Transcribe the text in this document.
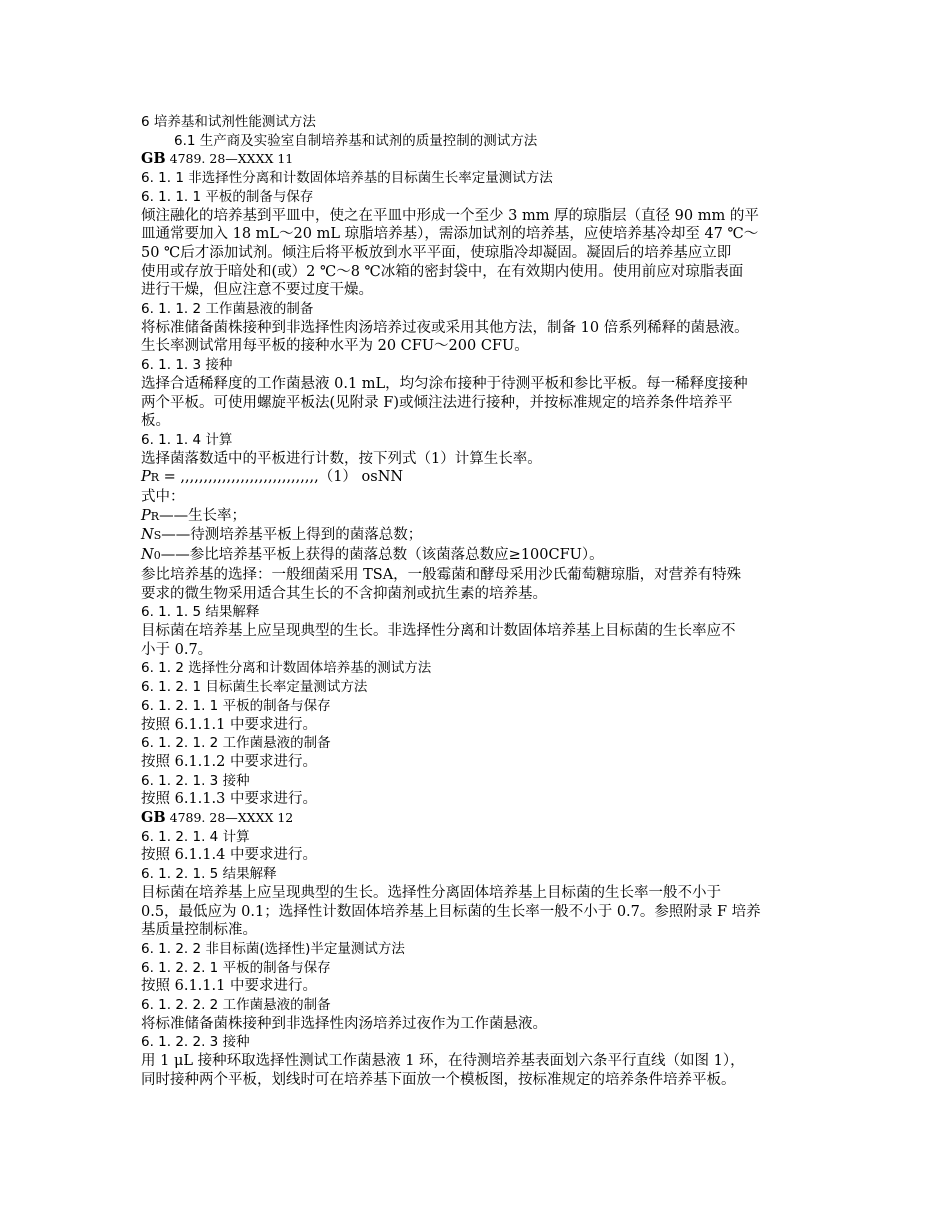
6 培养基和试剂性能测试方法
6.1 生产商及实验室自制培养基和试剂的质量控制的测试方法
GB 4789. 28—XXXX 11
6. 1. 1 非选择性分离和计数固体培养基的目标菌生长率定量测试方法
6. 1. 1. 1 平板的制备与保存
倾注融化的培养基到平皿中，使之在平皿中形成一个至少 3 mm 厚的琼脂层（直径 90 mm 的平
皿通常要加入 18 mL～20 mL 琼脂培养基），需添加试剂的培养基，应使培养基冷却至 47 ℃～
50 ℃后才添加试剂。倾注后将平板放到水平平面，使琼脂冷却凝固。凝固后的培养基应立即
使用或存放于暗处和(或）2 ℃～8 ℃冰箱的密封袋中，在有效期内使用。使用前应对琼脂表面
进行干燥，但应注意不要过度干燥。
6. 1. 1. 2 工作菌悬液的制备
将标准储备菌株接种到非选择性肉汤培养过夜或采用其他方法，制备 10 倍系列稀释的菌悬液。
生长率测试常用每平板的接种水平为 20 CFU～200 CFU。
6. 1. 1. 3 接种
选择合适稀释度的工作菌悬液 0.1 mL，均匀涂布接种于待测平板和参比平板。每一稀释度接种
两个平板。可使用螺旋平板法(见附录 F)或倾注法进行接种，并按标准规定的培养条件培养平
板。
6. 1. 1. 4 计算
选择菌落数适中的平板进行计数，按下列式（1）计算生长率。
PR = ,,,,,,,,,,,,,,,,,,,,,,,,,,,,,,（1） osNN
式中：
PR——生长率；
NS——待测培养基平板上得到的菌落总数；
N0——参比培养基平板上获得的菌落总数（该菌落总数应≥100CFU）。
参比培养基的选择：一般细菌采用 TSA，一般霉菌和酵母采用沙氏葡萄糖琼脂，对营养有特殊
要求的微生物采用适合其生长的不含抑菌剂或抗生素的培养基。
6. 1. 1. 5 结果解释
目标菌在培养基上应呈现典型的生长。非选择性分离和计数固体培养基上目标菌的生长率应不
小于 0.7。
6. 1. 2 选择性分离和计数固体培养基的测试方法
6. 1. 2. 1 目标菌生长率定量测试方法
6. 1. 2. 1. 1 平板的制备与保存
按照 6.1.1.1 中要求进行。
6. 1. 2. 1. 2 工作菌悬液的制备
按照 6.1.1.2 中要求进行。
6. 1. 2. 1. 3 接种
按照 6.1.1.3 中要求进行。
GB 4789. 28—XXXX 12
6. 1. 2. 1. 4 计算
按照 6.1.1.4 中要求进行。
6. 1. 2. 1. 5 结果解释
目标菌在培养基上应呈现典型的生长。选择性分离固体培养基上目标菌的生长率一般不小于
0.5，最低应为 0.1；选择性计数固体培养基上目标菌的生长率一般不小于 0.7。参照附录 F 培养
基质量控制标准。
6. 1. 2. 2 非目标菌(选择性)半定量测试方法
6. 1. 2. 2. 1 平板的制备与保存
按照 6.1.1.1 中要求进行。
6. 1. 2. 2. 2 工作菌悬液的制备
将标准储备菌株接种到非选择性肉汤培养过夜作为工作菌悬液。
6. 1. 2. 2. 3 接种
用 1 μL 接种环取选择性测试工作菌悬液 1 环，在待测培养基表面划六条平行直线（如图 1），
同时接种两个平板，划线时可在培养基下面放一个模板图，按标准规定的培养条件培养平板。
